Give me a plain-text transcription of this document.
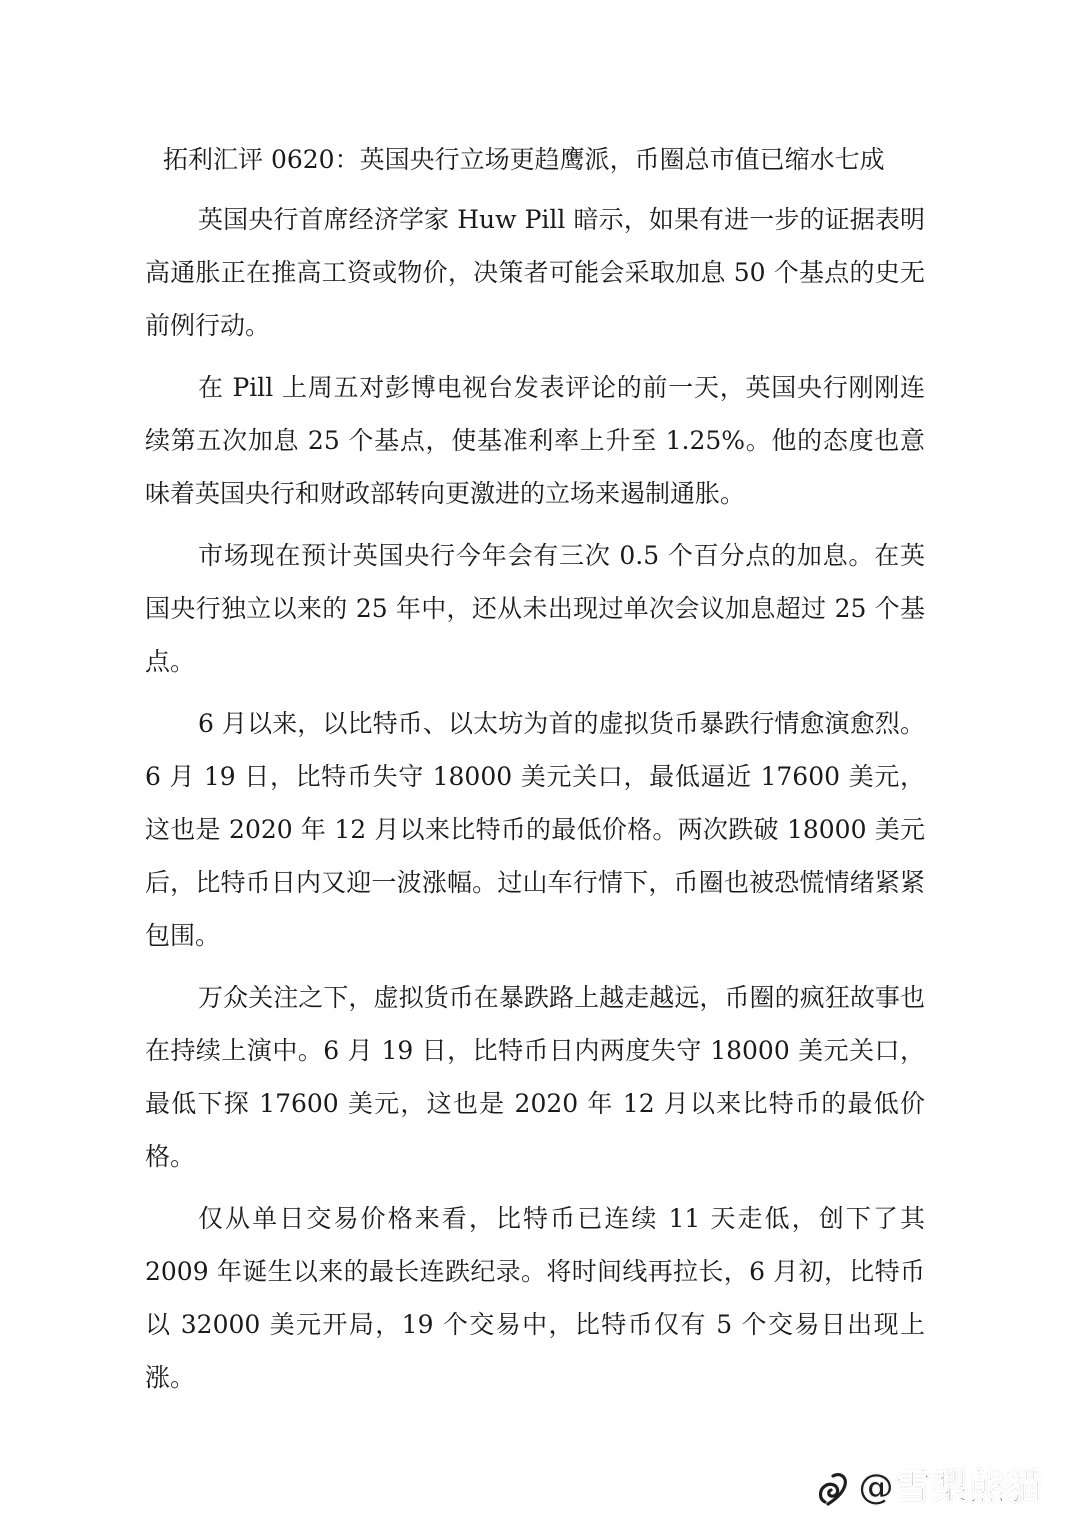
拓利汇评 0620：英国央行立场更趋鹰派，币圈总市值已缩水七成

英国央行首席经济学家 Huw Pill 暗示，如果有进一步的证据表明高通胀正在推高工资或物价，决策者可能会采取加息 50 个基点的史无前例行动。

在 Pill 上周五对彭博电视台发表评论的前一天，英国央行刚刚连续第五次加息 25 个基点，使基准利率上升至 1.25%。他的态度也意味着英国央行和财政部转向更激进的立场来遏制通胀。

市场现在预计英国央行今年会有三次 0.5 个百分点的加息。在英国央行独立以来的 25 年中，还从未出现过单次会议加息超过 25 个基点。

6 月以来，以比特币、以太坊为首的虚拟货币暴跌行情愈演愈烈。6 月 19 日，比特币失守 18000 美元关口，最低逼近 17600 美元，这也是 2020 年 12 月以来比特币的最低价格。两次跌破 18000 美元后，比特币日内又迎一波涨幅。过山车行情下，币圈也被恐慌情绪紧紧包围。

万众关注之下，虚拟货币在暴跌路上越走越远，币圈的疯狂故事也在持续上演中。6 月 19 日，比特币日内两度失守 18000 美元关口，最低下探 17600 美元，这也是 2020 年 12 月以来比特币的最低价格。

仅从单日交易价格来看，比特币已连续 11 天走低，创下了其 2009 年诞生以来的最长连跌纪录。将时间线再拉长，6 月初，比特币以 32000 美元开局，19 个交易中，比特币仅有 5 个交易日出现上涨。

@雪梨熊貓
